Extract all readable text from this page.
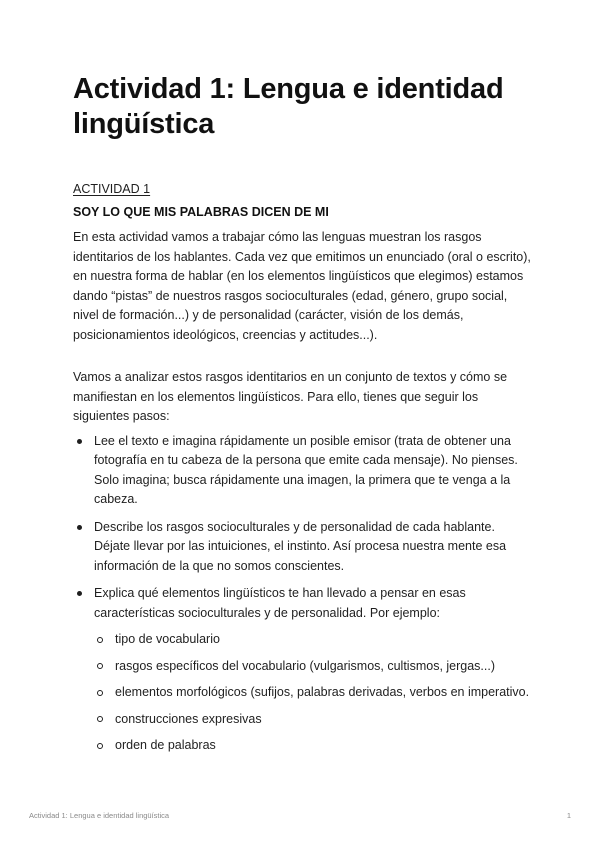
Actividad 1: Lengua e identidad lingüística
ACTIVIDAD 1
SOY LO QUE MIS PALABRAS DICEN DE MI

En esta actividad vamos a trabajar cómo las lenguas muestran los rasgos identitarios de los hablantes. Cada vez que emitimos un enunciado (oral o escrito), en nuestra forma de hablar (en los elementos lingüísticos que elegimos) estamos dando “pistas” de nuestros rasgos socioculturales (edad, género, grupo social, nivel de formación...) y de personalidad (carácter, visión de los demás, posicionamientos ideológicos, creencias y actitudes...).

Vamos a analizar estos rasgos identitarios en un conjunto de textos y cómo se manifiestan en los elementos lingüísticos. Para ello, tienes que seguir los siguientes pasos:

Lee el texto e imagina rápidamente un posible emisor (trata de obtener una fotografía en tu cabeza de la persona que emite cada mensaje). No pienses. Solo imagina; busca rápidamente una imagen, la primera que te venga a la cabeza.
Describe los rasgos socioculturales y de personalidad de cada hablante. Déjate llevar por las intuiciones, el instinto. Así procesa nuestra mente esa información de la que no somos conscientes.
Explica qué elementos lingüísticos te han llevado a pensar en esas características socioculturales y de personalidad. Por ejemplo:
tipo de vocabulario
rasgos específicos del vocabulario (vulgarismos, cultismos, jergas...)
elementos morfológicos (sufijos, palabras derivadas, verbos en imperativo.
construcciones expresivas
orden de palabras
Actividad 1: Lengua e identidad lingüística	1
